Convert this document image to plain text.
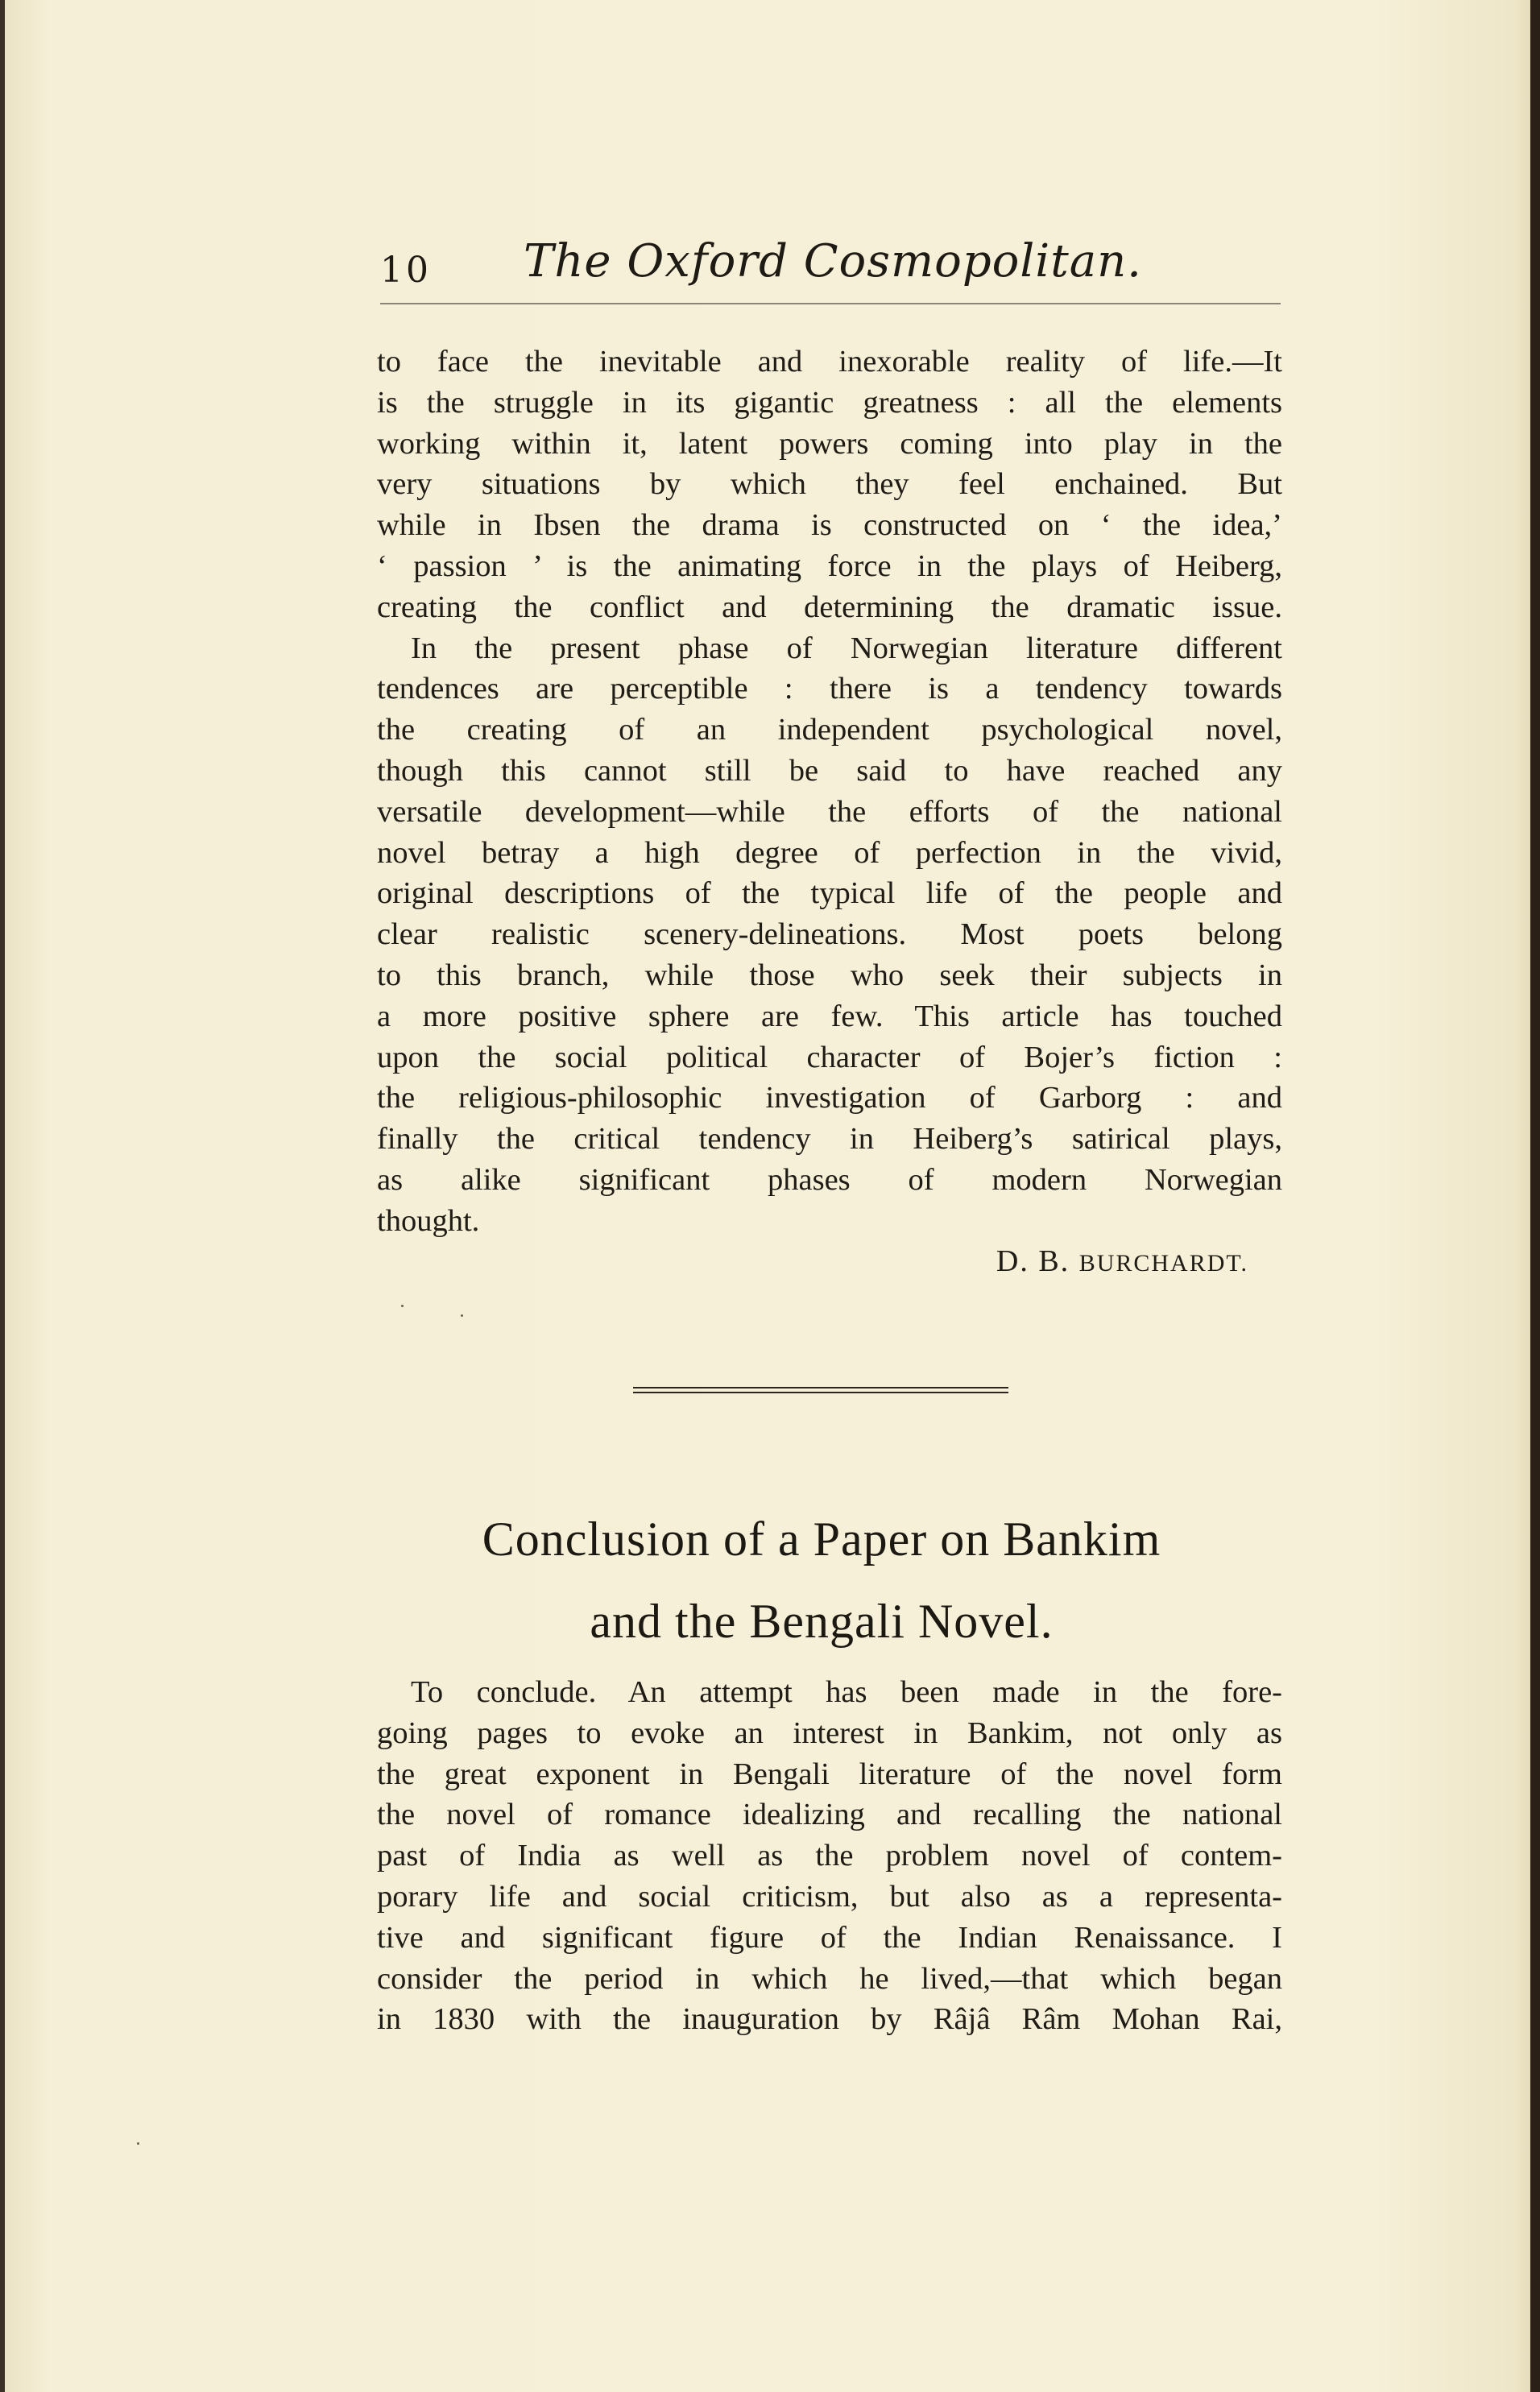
10 The Oxford Cosmopolitan.
to face the inevitable and inexorable reality of life.—It
is the struggle in its gigantic greatness : all the elements
working within it, latent powers coming into play in the
very situations by which they feel enchained. But
while in Ibsen the drama is constructed on ‘ the idea,’
‘ passion ’ is the animating force in the plays of Heiberg,
creating the conflict and determining the dramatic issue.
In the present phase of Norwegian literature different
tendences are perceptible : there is a tendency towards
the creating of an independent psychological novel,
though this cannot still be said to have reached any
versatile development—while the efforts of the national
novel betray a high degree of perfection in the vivid,
original descriptions of the typical life of the people and
clear realistic scenery-delineations. Most poets belong
to this branch, while those who seek their subjects in
a more positive sphere are few. This article has touched
upon the social political character of Bojer’s fiction :
the religious-philosophic investigation of Garborg : and
finally the critical tendency in Heiberg’s satirical plays,
as alike significant phases of modern Norwegian
thought.
D. B. BURCHARDT.
Conclusion of a Paper on Bankim
and the Bengali Novel.
To conclude. An attempt has been made in the fore-
going pages to evoke an interest in Bankim, not only as
the great exponent in Bengali literature of the novel form
the novel of romance idealizing and recalling the national
past of India as well as the problem novel of contem-
porary life and social criticism, but also as a representa-
tive and significant figure of the Indian Renaissance. I
consider the period in which he lived,—that which began
in 1830 with the inauguration by Râjâ Râm Mohan Rai,
